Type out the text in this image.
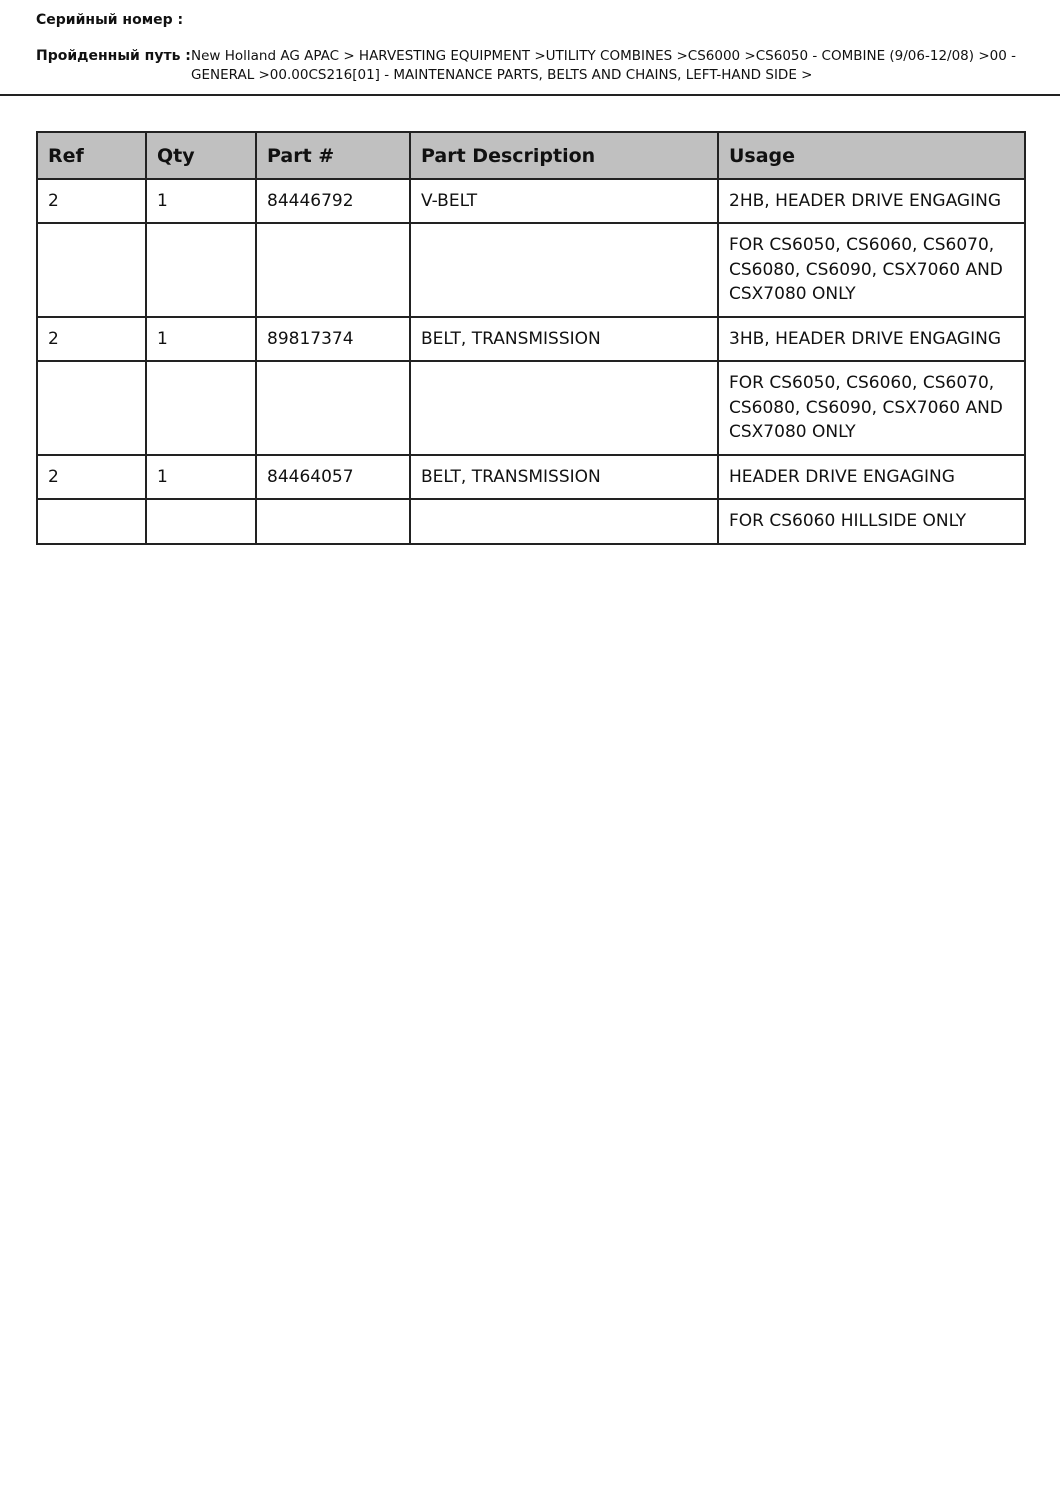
Серийный номер :
Пройденный путь : New Holland AG APAC > HARVESTING EQUIPMENT >UTILITY COMBINES >CS6000 >CS6050 - COMBINE (9/06-12/08) >00 - GENERAL >00.00CS216[01] - MAINTENANCE PARTS, BELTS AND CHAINS, LEFT-HAND SIDE >
Ref	Qty	Part #	Part Description	Usage
2	1	84446792	V-BELT	2HB, HEADER DRIVE ENGAGING
				FOR CS6050, CS6060, CS6070, CS6080, CS6090, CSX7060 AND CSX7080 ONLY
2	1	89817374	BELT, TRANSMISSION	3HB, HEADER DRIVE ENGAGING
				FOR CS6050, CS6060, CS6070, CS6080, CS6090, CSX7060 AND CSX7080 ONLY
2	1	84464057	BELT, TRANSMISSION	HEADER DRIVE ENGAGING
				FOR CS6060 HILLSIDE ONLY
